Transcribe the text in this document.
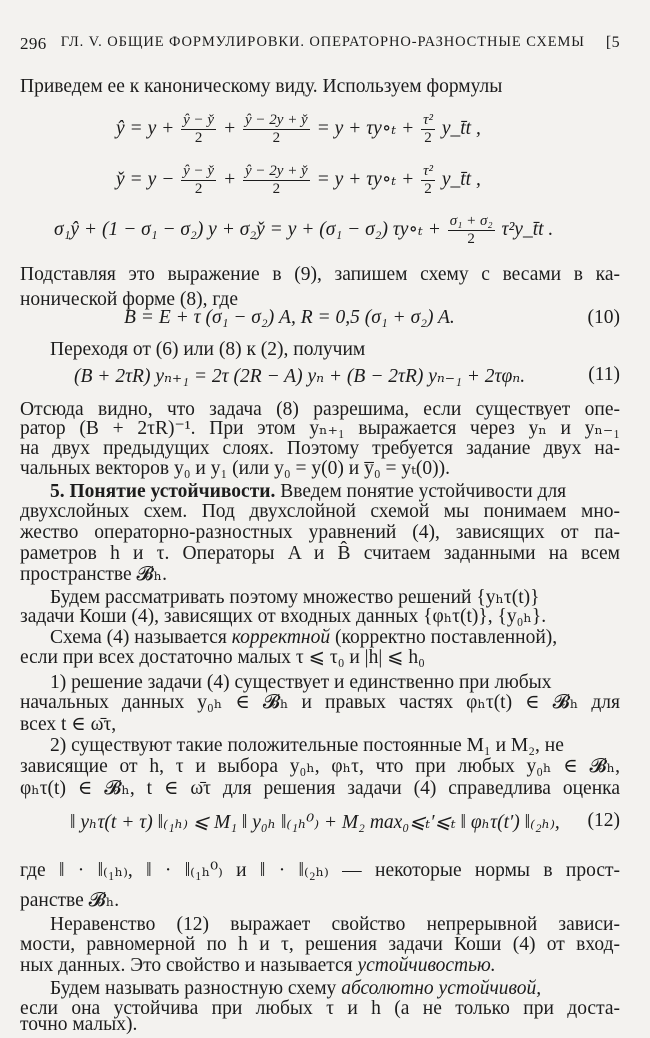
296 ГЛ. V. ОБЩИЕ ФОРМУЛИРОВКИ. ОПЕРАТОРНО-РАЗНОСТНЫЕ СХЕМЫ	[5
Приведем ее к каноническому виду. Используем формулы
ŷ = $y + \frac{ŷ - y̌}{2} + \frac{ŷ - 2y + y̌}{2} = y$ + τy∘ₜ + $\frac{\text{τ²}}{2}$ y_t̄t ,
y̌ = $y - \frac{ŷ - y̌}{2} + \frac{ŷ - 2y + y̌}{2} = y$ + τy∘ₜ + $\frac{\text{τ²}}{2}$ y_t̄t ,
σ₁ŷ + (1 − σ₁ − σ₂) y + σ₂y̌ = y + (σ₁ − σ₂) τy∘ₜ + $\frac{\text{σ₁ + σ₂}}{2}$ τ²y_t̄t .
Подставляя это выражение в (9), запишем схему с весами в ка-
нонической форме (8), где
B = E + τ (σ₁ − σ₂) A, R = 0,5 (σ₁ + σ₂) A.	(10)
Переходя от (6) или (8) к (2), получим
(B + 2τR) yₙ₊₁ = 2τ (2R − A) yₙ + (B − 2τR) yₙ₋₁ + 2τφₙ.	(11)
Отсюда видно, что задача (8) разрешима, если существует опе-
ратор (B + 2τR)⁻¹. При этом yₙ₊₁ выражается через yₙ и yₙ₋₁
на двух предыдущих слоях. Поэтому требуется задание двух на-
чальных векторов y₀ и y₁ (или y₀ = y(0) и y̅₀ = yₜ(0)).
5. Понятие устойчивости. Введем понятие устойчивости для
двухслойных схем. Под двухслойной схемой мы понимаем мно-
жество операторно-разностных уравнений (4), зависящих от па-
раметров h и τ. Операторы A и B̂ считаем заданными на всем
пространстве 𝓑ₕ.
Будем рассматривать поэтому множество решений {yₕτ(t)}
задачи Коши (4), зависящих от входных данных {φₕτ(t)}, {y₀ₕ}.
Схема (4) называется корректной (корректно поставленной),
если при всех достаточно малых τ ⩽ τ₀ и |h| ⩽ h₀
1) решение задачи (4) существует и единственно при любых
начальных данных y₀ₕ ∈ 𝓑ₕ и правых частях φₕτ(t) ∈ 𝓑ₕ для
всех t ∈ ω̄τ,
2) существуют такие положительные постоянные M₁ и M₂, не
зависящие от h, τ и выбора y₀ₕ, φₕτ, что при любых y₀ₕ ∈ 𝓑ₕ,
φₕτ(t) ∈ 𝓑ₕ, t ∈ ω̄τ для решения задачи (4) справедлива оценка
‖ yₕτ(t + τ) ‖₍₁ₕ₎ ⩽ M₁ ‖ y₀ₕ ‖₍₁ₕ⁰₎ + M₂ max₀⩽ₜ′⩽ₜ ‖ φₕτ(t′) ‖₍₂ₕ₎, (12)
где ‖ · ‖₍₁ₕ₎, ‖ · ‖₍₁ₕ⁰₎ и ‖ · ‖₍₂ₕ₎ — некоторые нормы в прост-
ранстве 𝓑ₕ.
Неравенство (12) выражает свойство непрерывной зависи-
мости, равномерной по h и τ, решения задачи Коши (4) от вход-
ных данных. Это свойство и называется устойчивостью.
Будем называть разностную схему абсолютно устойчивой,
если она устойчива при любых τ и h (а не только при доста-
точно малых).
